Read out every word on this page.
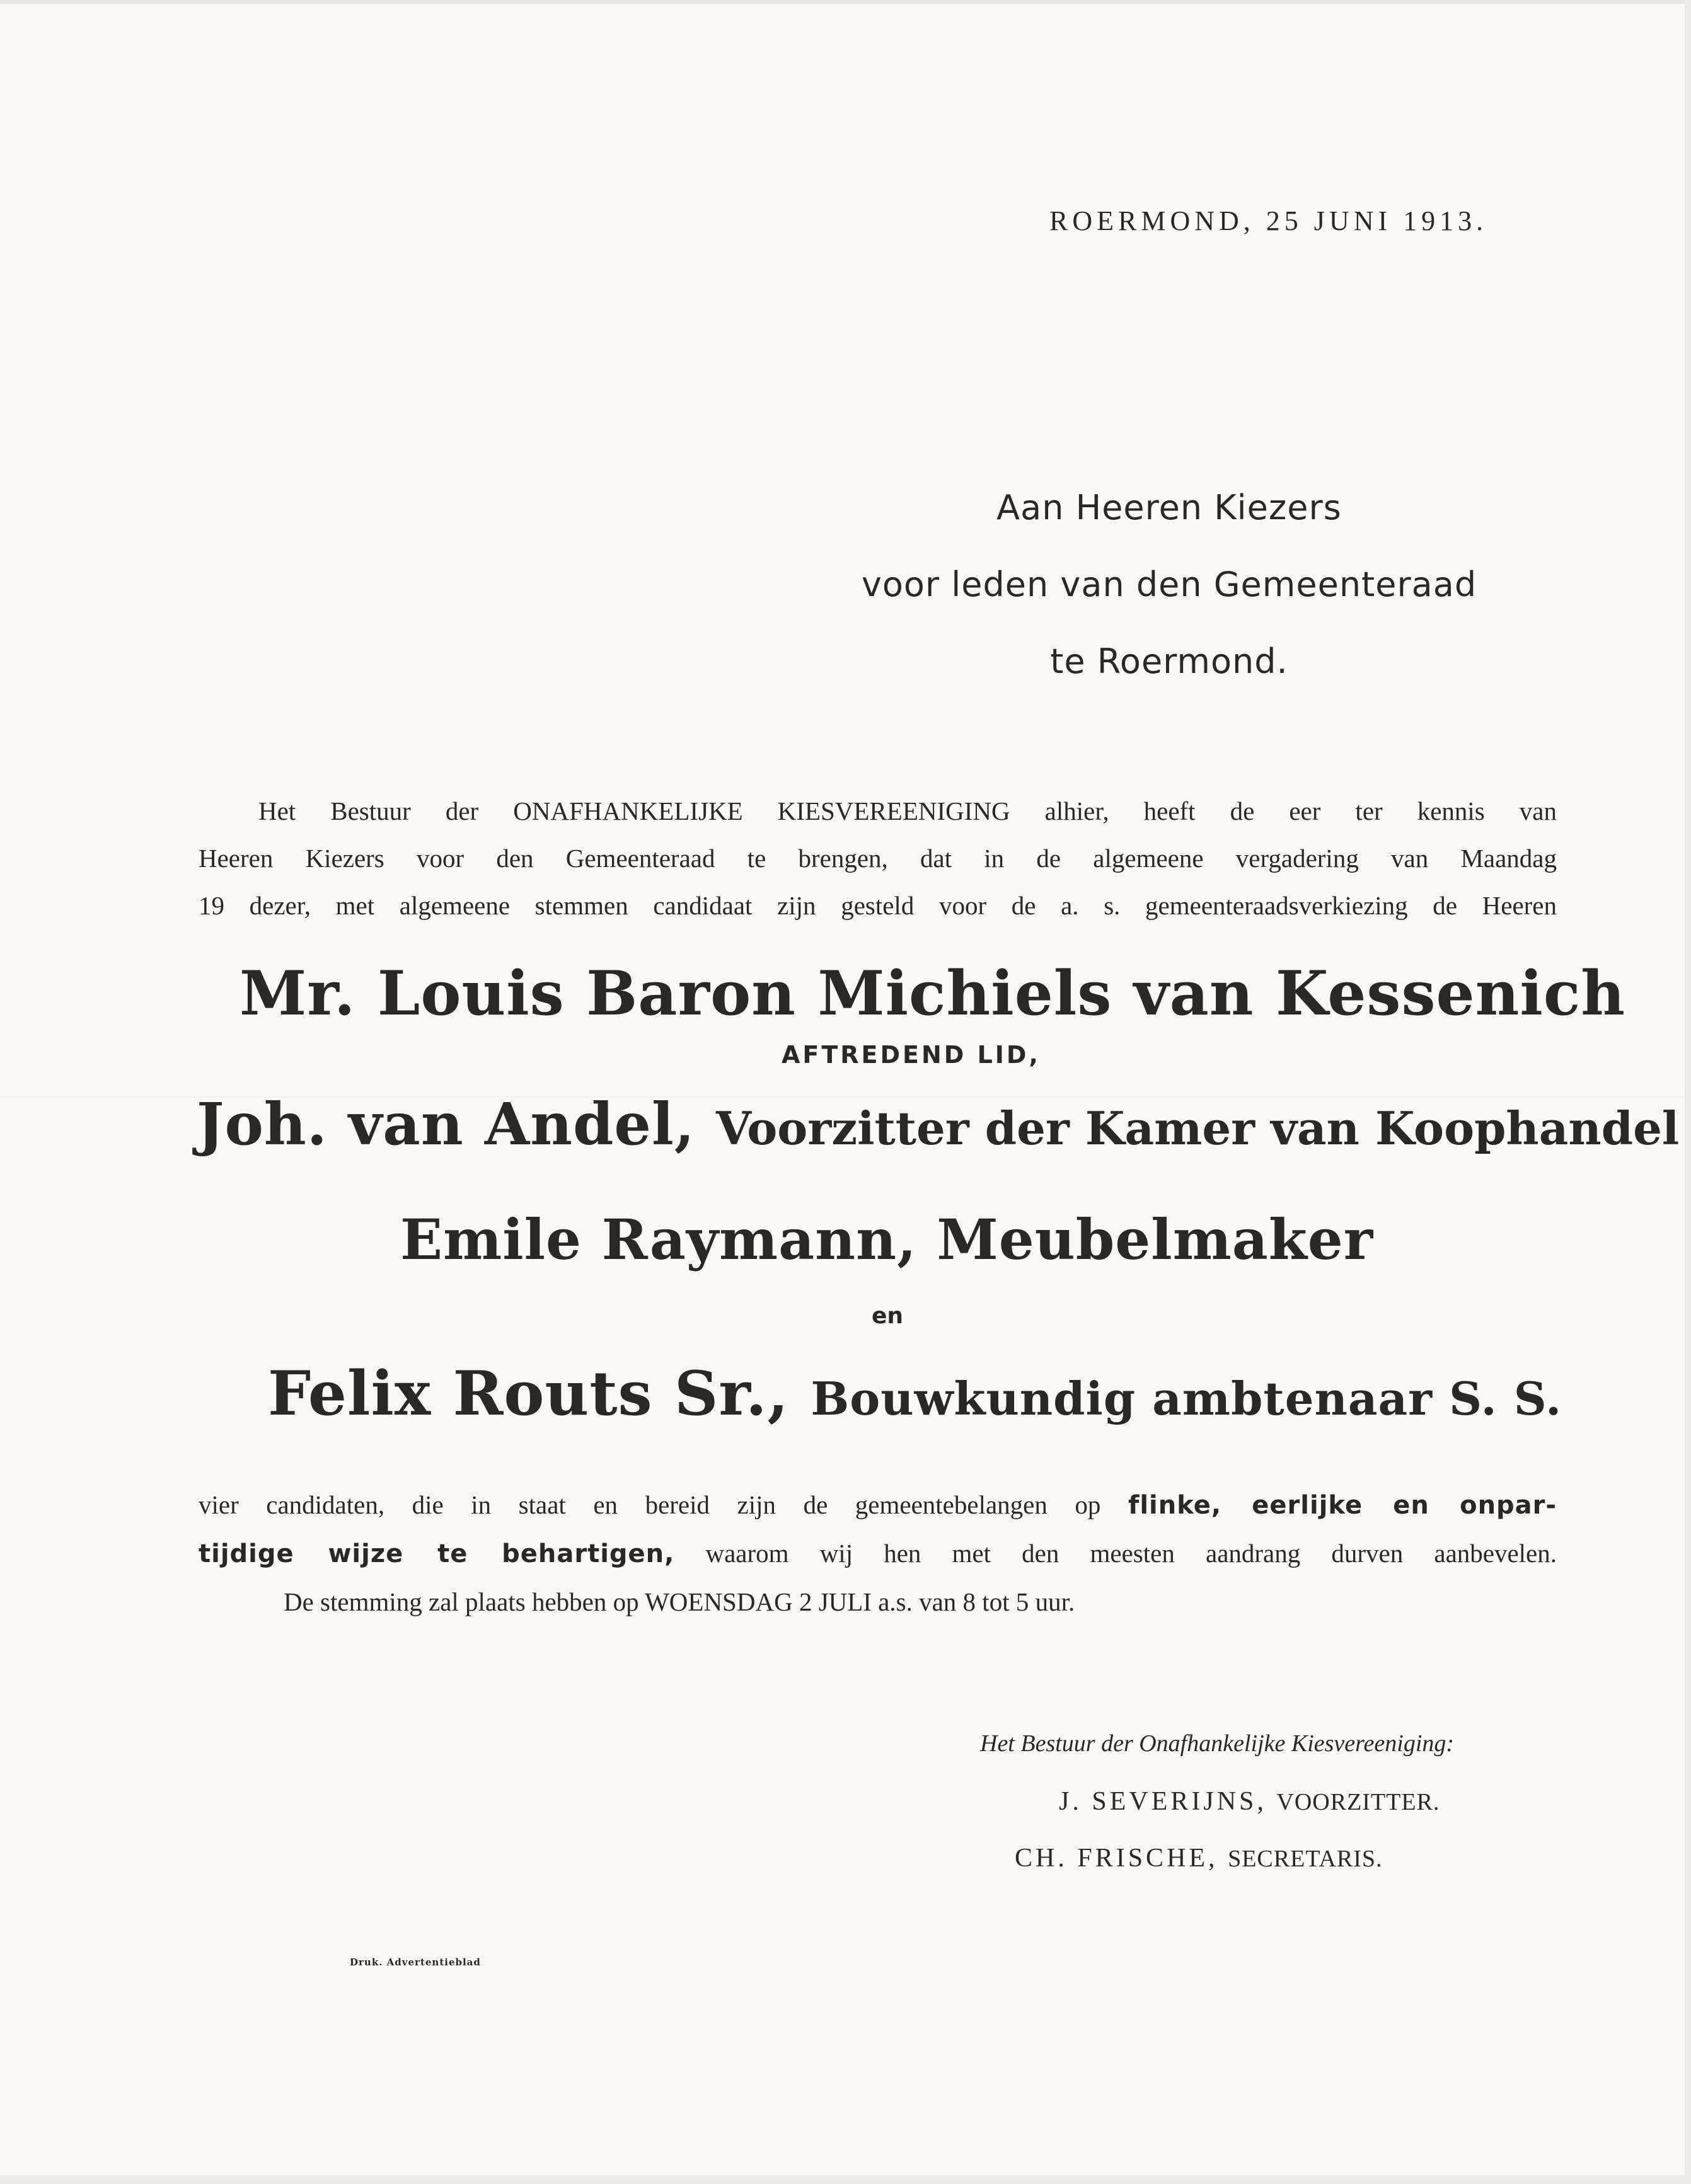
ROERMOND, 25 JUNI 1913.
Aan Heeren Kiezers
voor leden van den Gemeenteraad
te Roermond.
Het Bestuur der ONAFHANKELIJKE KIESVEREENIGING alhier, heeft de eer ter kennis van
Heeren Kiezers voor den Gemeenteraad te brengen, dat in de algemeene vergadering van Maandag
19 dezer, met algemeene stemmen candidaat zijn gesteld voor de a. s. gemeenteraadsverkiezing de Heeren
Mr. Louis Baron Michiels van Kessenich
AFTREDEND LID,
Joh. van Andel, Voorzitter der Kamer van Koophandel
Emile Raymann, Meubelmaker
en
Felix Routs Sr., Bouwkundig ambtenaar S. S.
vier candidaten, die in staat en bereid zijn de gemeentebelangen op flinke, eerlijke en onpar-
tijdige wijze te behartigen, waarom wij hen met den meesten aandrang durven aanbevelen.
De stemming zal plaats hebben op WOENSDAG 2 JULI a.s. van 8 tot 5 uur.
Het Bestuur der Onafhankelijke Kiesvereeniging:
J. SEVERIJNS, VOORZITTER.
CH. FRISCHE, SECRETARIS.
Druk. Advertentieblad
